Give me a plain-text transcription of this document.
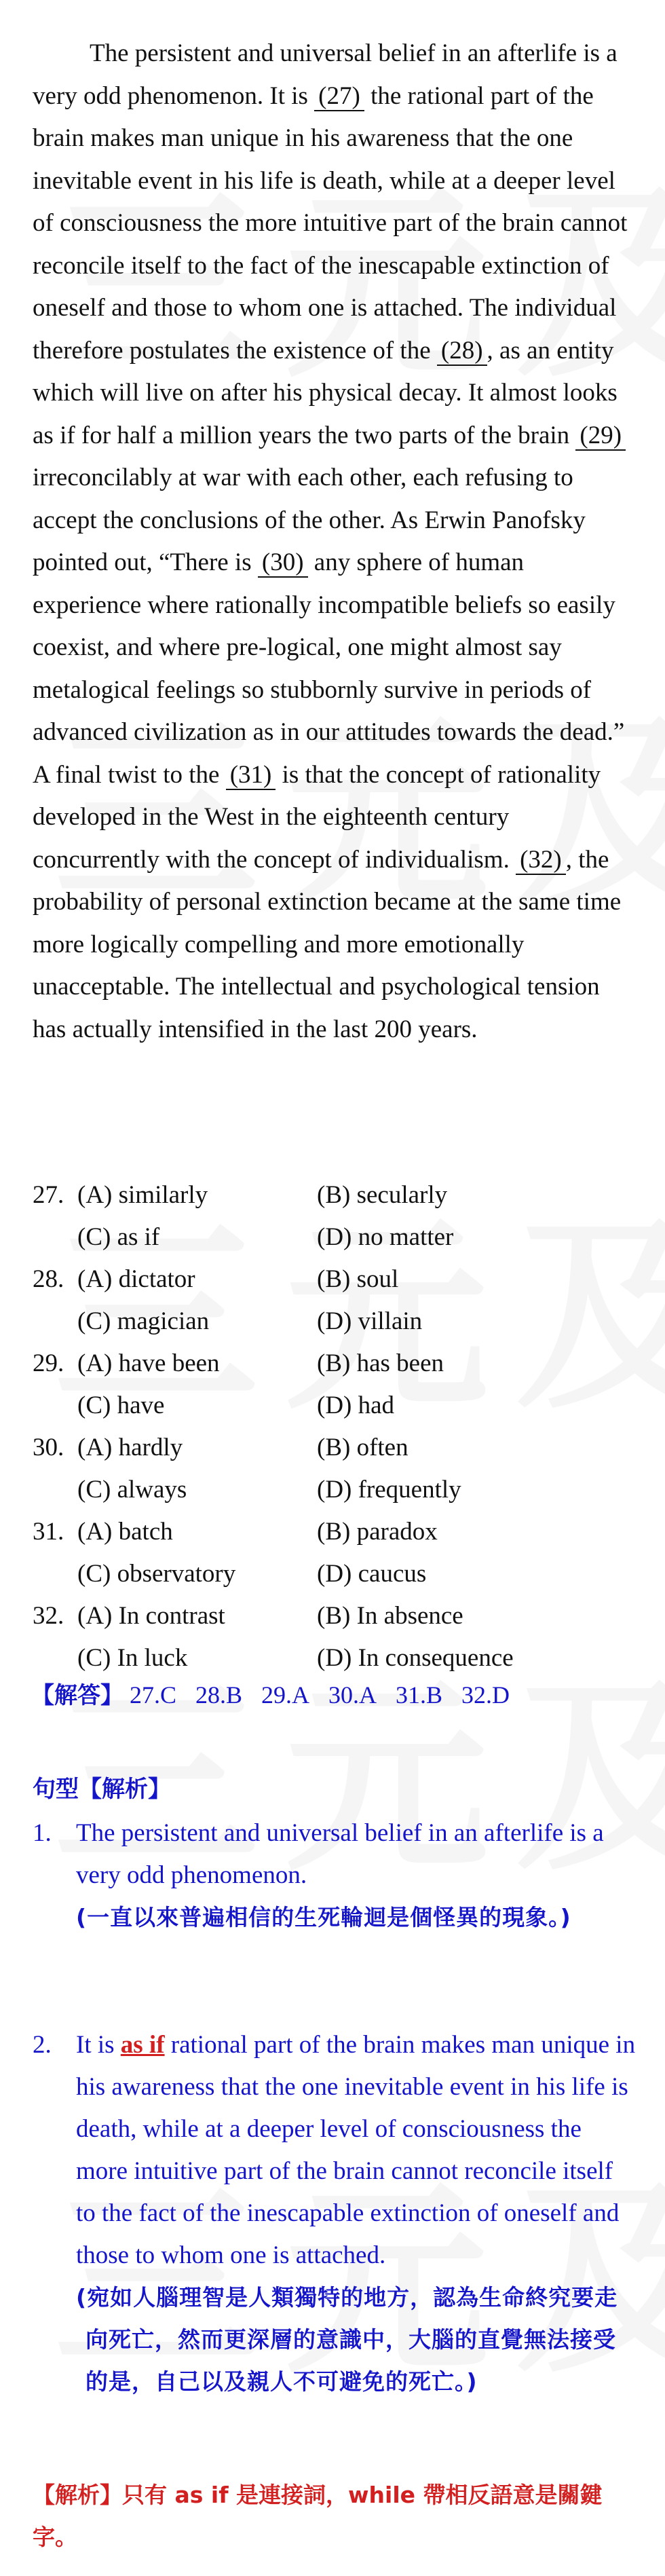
The persistent and universal belief in an afterlife is a very odd phenomenon. It is (27) the rational part of the brain makes man unique in his awareness that the one inevitable event in his life is death, while at a deeper level of consciousness the more intuitive part of the brain cannot reconcile itself to the fact of the inescapable extinction of oneself and those to whom one is attached. The individual therefore postulates the existence of the (28) , as an entity which will live on after his physical decay. It almost looks as if for half a million years the two parts of the brain (29) irreconcilably at war with each other, each refusing to accept the conclusions of the other. As Erwin Panofsky pointed out, “There is (30) any sphere of human experience where rationally incompatible beliefs so easily coexist, and where pre-logical, one might almost say metalogical feelings so stubbornly survive in periods of advanced civilization as in our attitudes towards the dead.” A final twist to the (31) is that the concept of rationality developed in the West in the eighteenth century concurrently with the concept of individualism. (32) , the probability of personal extinction became at the same time more logically compelling and more emotionally unacceptable. The intellectual and psychological tension has actually intensified in the last 200 years.

27. (A) similarly	(B) secularly
(C) as if	(D) no matter
28. (A) dictator	(B) soul
(C) magician	(D) villain
29. (A) have been	(B) has been
(C) have	(D) had
30. (A) hardly	(B) often
(C) always	(D) frequently
31. (A) batch	(B) paradox
(C) observatory	(D) caucus
32. (A) In contrast	(B) In absence
(C) In luck	(D) In consequence
【解答】 27.C 28.B 29.A 30.A 31.B 32.D
句型【解析】
1. The persistent and universal belief in an afterlife is a very odd phenomenon.
(一直以來普遍相信的生死輪迴是個怪異的現象。)
2. It is as if rational part of the brain makes man unique in his awareness that the one inevitable event in his life is death, while at a deeper level of consciousness the more intuitive part of the brain cannot reconcile itself to the fact of the inescapable extinction of oneself and those to whom one is attached.
(宛如人腦理智是人類獨特的地方，認為生命終究要走向死亡，然而更深層的意識中，大腦的直覺無法接受的是，自己以及親人不可避免的死亡。)
【解析】只有 as if 是連接詞，while 帶相反語意是關鍵字。
